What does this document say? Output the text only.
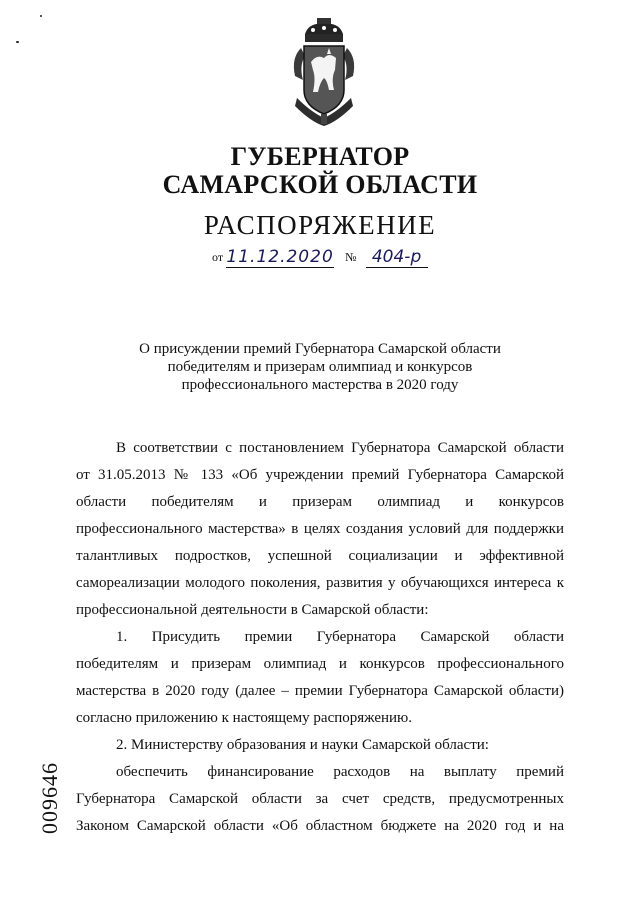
ГУБЕРНАТОР
САМАРСКОЙ ОБЛАСТИ
РАСПОРЯЖЕНИЕ
от 11.12.2020 № 404-р
О присуждении премий Губернатора Самарской области
победителям и призерам олимпиад и конкурсов
профессионального мастерства в 2020 году
В соответствии с постановлением Губернатора Самарской области
от 31.05.2013 № 133 «Об учреждении премий Губернатора Самарской
области победителям и призерам олимпиад и конкурсов
профессионального мастерства» в целях создания условий для поддержки
талантливых подростков, успешной социализации и эффективной
самореализации молодого поколения, развития у обучающихся интереса к
профессиональной деятельности в Самарской области:
1. Присудить премии Губернатора Самарской области
победителям и призерам олимпиад и конкурсов профессионального
мастерства в 2020 году (далее – премии Губернатора Самарской области)
согласно приложению к настоящему распоряжению.
2. Министерству образования и науки Самарской области:
обеспечить финансирование расходов на выплату премий
Губернатора Самарской области за счет средств, предусмотренных
Законом Самарской области «Об областном бюджете на 2020 год и на
009646
